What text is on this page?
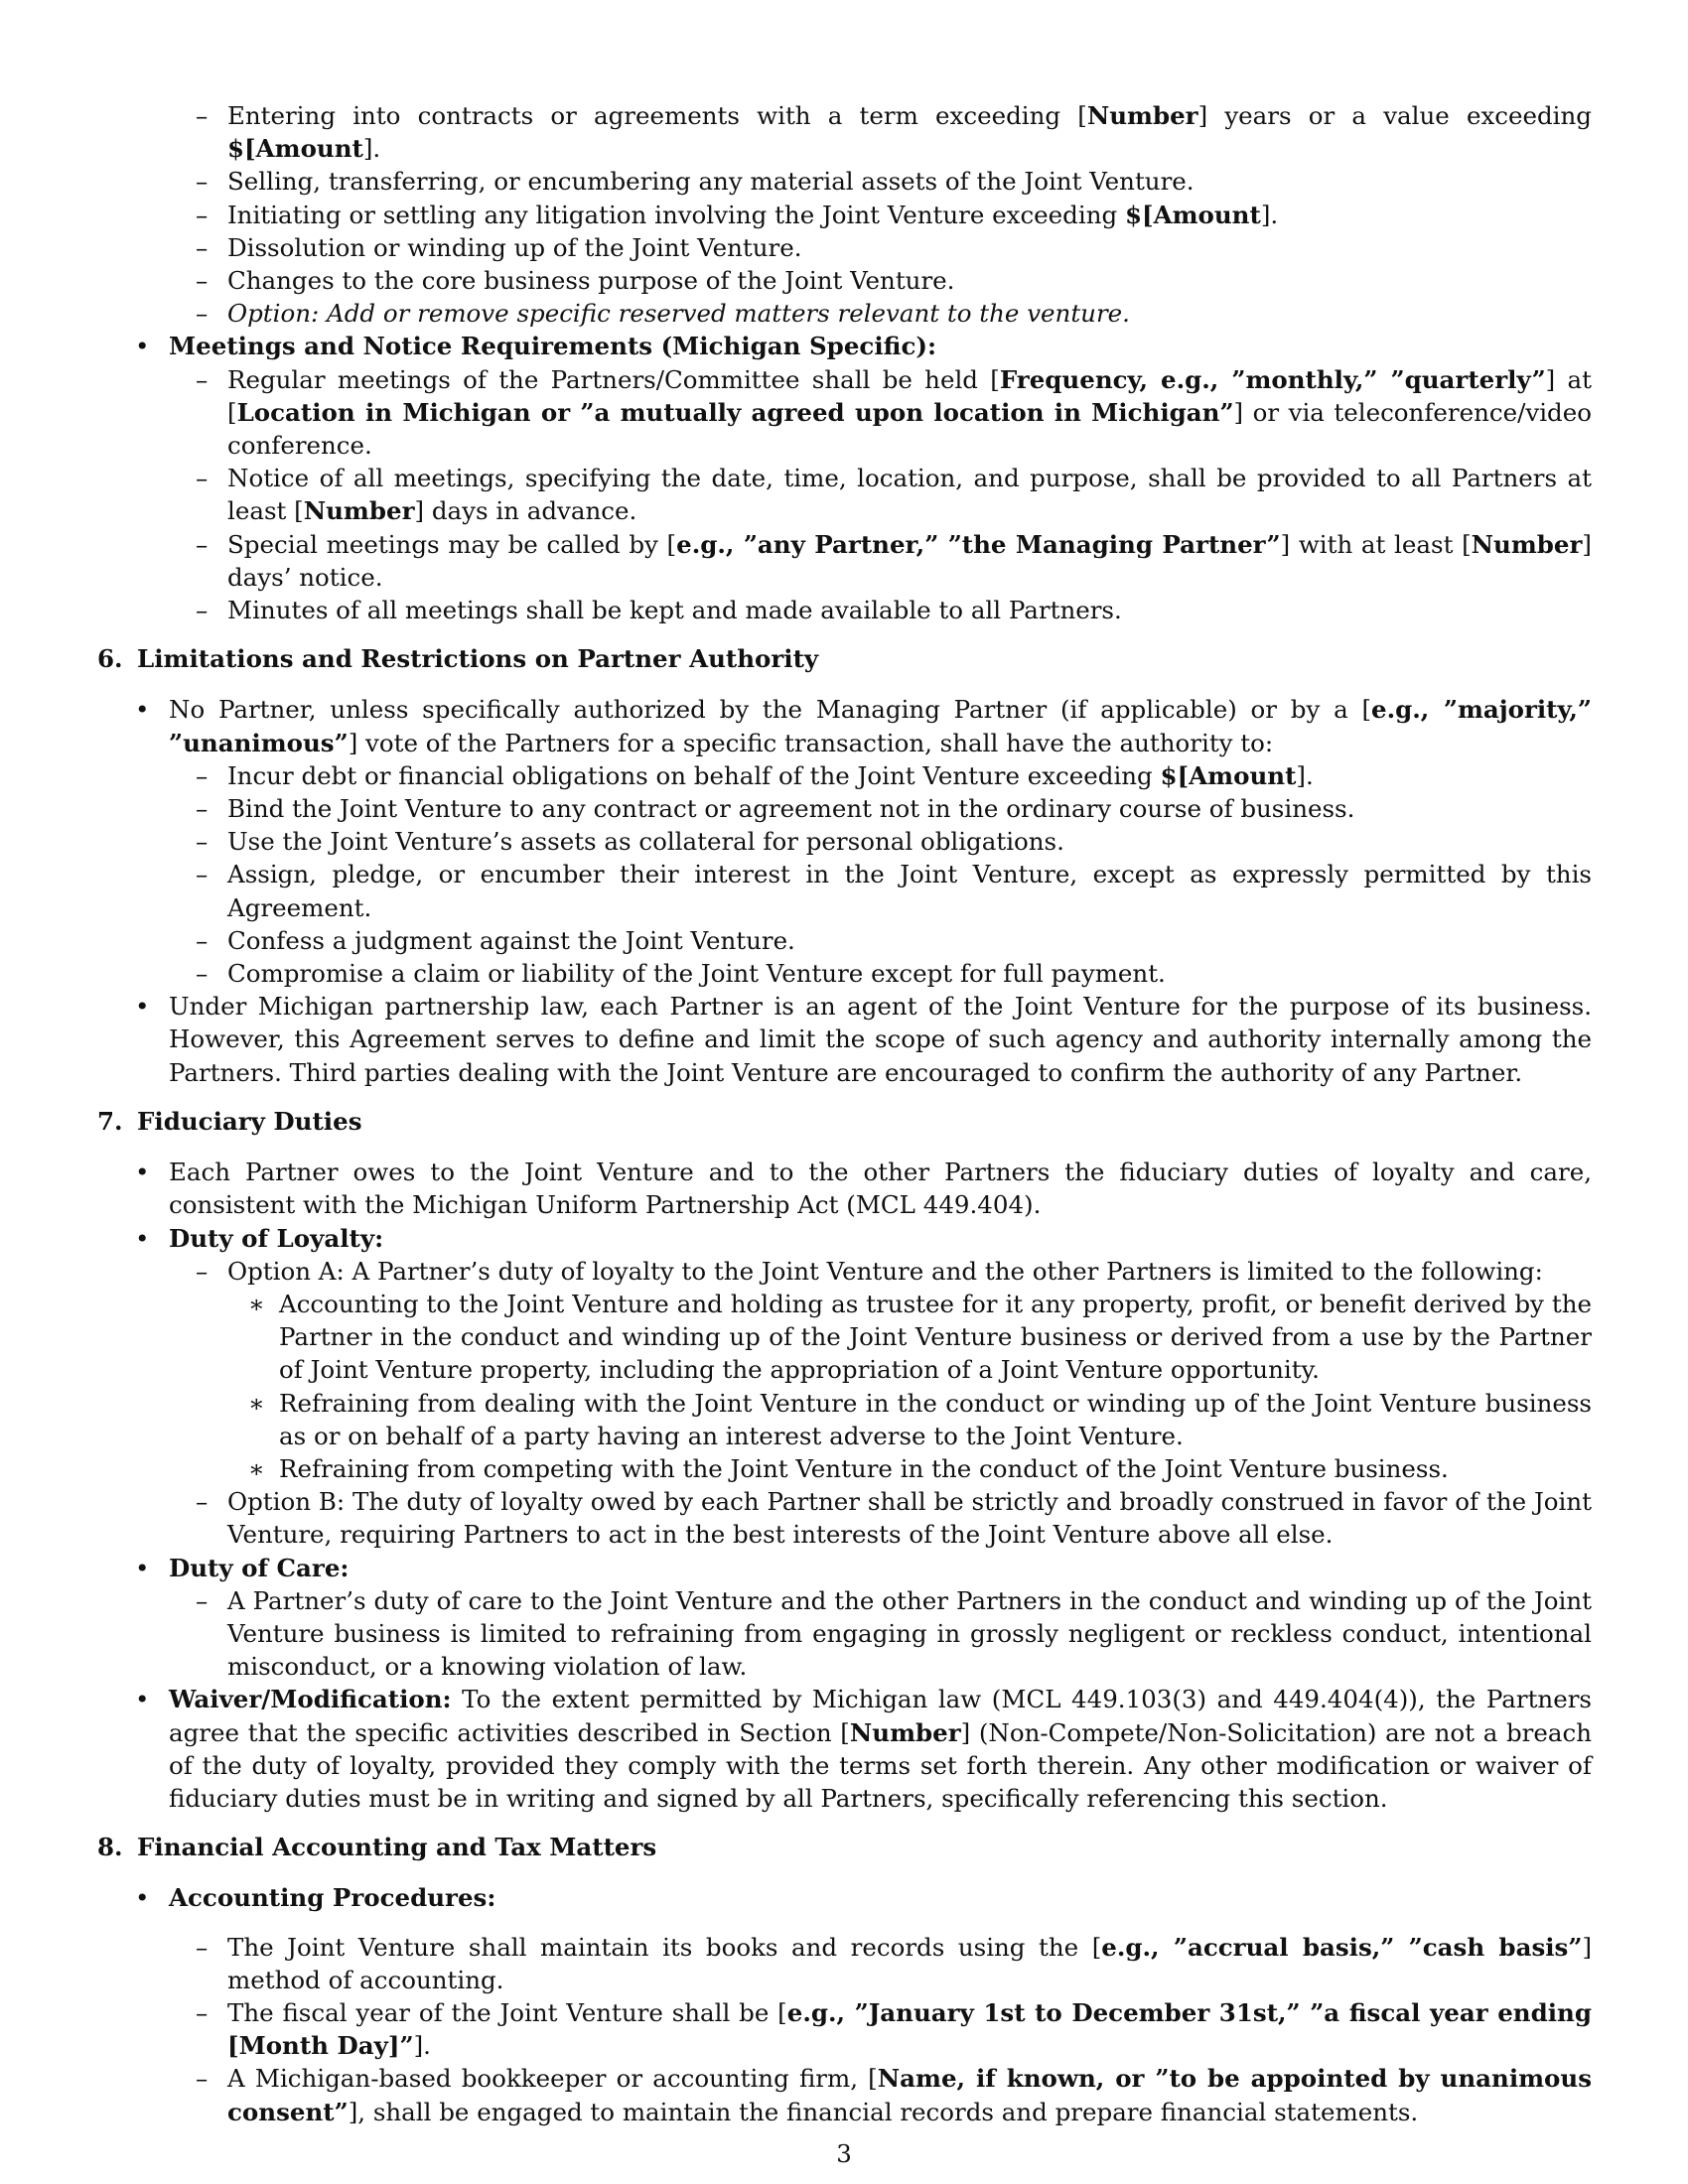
– Entering into contracts or agreements with a term exceeding [Number] years or a value exceeding $[Amount].
– Selling, transferring, or encumbering any material assets of the Joint Venture.
– Initiating or settling any litigation involving the Joint Venture exceeding $[Amount].
– Dissolution or winding up of the Joint Venture.
– Changes to the core business purpose of the Joint Venture.
– Option: Add or remove specific reserved matters relevant to the venture.
• Meetings and Notice Requirements (Michigan Specific):
– Regular meetings of the Partners/Committee shall be held [Frequency, e.g., ”monthly,” ”quarterly”] at [Location in Michigan or ”a mutually agreed upon location in Michigan”] or via teleconference/video conference.
– Notice of all meetings, specifying the date, time, location, and purpose, shall be provided to all Partners at least [Number] days in advance.
– Special meetings may be called by [e.g., ”any Partner,” ”the Managing Partner”] with at least [Number] days’ notice.
– Minutes of all meetings shall be kept and made available to all Partners.
6. Limitations and Restrictions on Partner Authority
• No Partner, unless specifically authorized by the Managing Partner (if applicable) or by a [e.g., ”majority,” ”unanimous”] vote of the Partners for a specific transaction, shall have the authority to:
– Incur debt or financial obligations on behalf of the Joint Venture exceeding $[Amount].
– Bind the Joint Venture to any contract or agreement not in the ordinary course of business.
– Use the Joint Venture’s assets as collateral for personal obligations.
– Assign, pledge, or encumber their interest in the Joint Venture, except as expressly permitted by this Agreement.
– Confess a judgment against the Joint Venture.
– Compromise a claim or liability of the Joint Venture except for full payment.
• Under Michigan partnership law, each Partner is an agent of the Joint Venture for the purpose of its business. However, this Agreement serves to define and limit the scope of such agency and authority internally among the Partners. Third parties dealing with the Joint Venture are encouraged to confirm the authority of any Partner.
7. Fiduciary Duties
• Each Partner owes to the Joint Venture and to the other Partners the fiduciary duties of loyalty and care, consistent with the Michigan Uniform Partnership Act (MCL 449.404).
• Duty of Loyalty:
– Option A: A Partner’s duty of loyalty to the Joint Venture and the other Partners is limited to the following:
∗ Accounting to the Joint Venture and holding as trustee for it any property, profit, or benefit derived by the Partner in the conduct and winding up of the Joint Venture business or derived from a use by the Partner of Joint Venture property, including the appropriation of a Joint Venture opportunity.
∗ Refraining from dealing with the Joint Venture in the conduct or winding up of the Joint Venture business as or on behalf of a party having an interest adverse to the Joint Venture.
∗ Refraining from competing with the Joint Venture in the conduct of the Joint Venture business.
– Option B: The duty of loyalty owed by each Partner shall be strictly and broadly construed in favor of the Joint Venture, requiring Partners to act in the best interests of the Joint Venture above all else.
• Duty of Care:
– A Partner’s duty of care to the Joint Venture and the other Partners in the conduct and winding up of the Joint Venture business is limited to refraining from engaging in grossly negligent or reckless conduct, intentional misconduct, or a knowing violation of law.
• Waiver/Modification: To the extent permitted by Michigan law (MCL 449.103(3) and 449.404(4)), the Partners agree that the specific activities described in Section [Number] (Non-Compete/Non-Solicitation) are not a breach of the duty of loyalty, provided they comply with the terms set forth therein. Any other modification or waiver of fiduciary duties must be in writing and signed by all Partners, specifically referencing this section.
8. Financial Accounting and Tax Matters
• Accounting Procedures:
– The Joint Venture shall maintain its books and records using the [e.g., ”accrual basis,” ”cash basis”] method of accounting.
– The fiscal year of the Joint Venture shall be [e.g., ”January 1st to December 31st,” ”a fiscal year ending [Month Day]”].
– A Michigan-based bookkeeper or accounting firm, [Name, if known, or ”to be appointed by unanimous consent”], shall be engaged to maintain the financial records and prepare financial statements.
3
